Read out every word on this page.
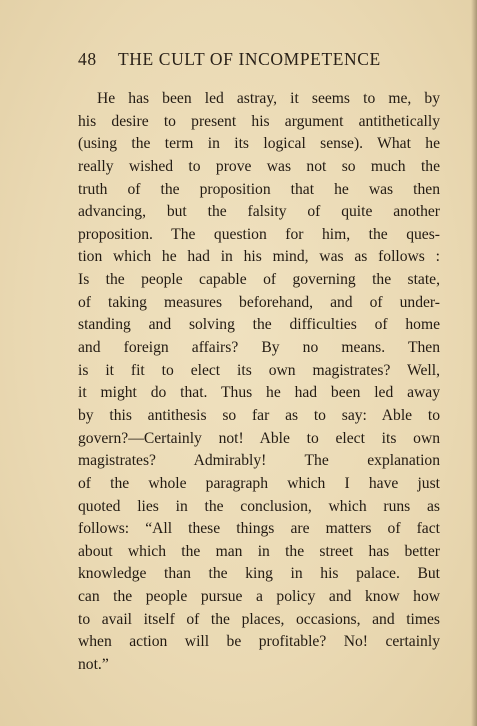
48 THE CULT OF INCOMPETENCE
He has been led astray, it seems to me, by
his desire to present his argument antithetically
(using the term in its logical sense). What he
really wished to prove was not so much the
truth of the proposition that he was then
advancing, but the falsity of quite another
proposition. The question for him, the ques-
tion which he had in his mind, was as follows :
Is the people capable of governing the state,
of taking measures beforehand, and of under-
standing and solving the difficulties of home
and foreign affairs? By no means. Then
is it fit to elect its own magistrates? Well,
it might do that. Thus he had been led away
by this antithesis so far as to say: Able to
govern?—Certainly not! Able to elect its own
magistrates? Admirably! The explanation
of the whole paragraph which I have just
quoted lies in the conclusion, which runs as
follows: “All these things are matters of fact
about which the man in the street has better
knowledge than the king in his palace. But
can the people pursue a policy and know how
to avail itself of the places, occasions, and times
when action will be profitable? No! certainly
not.”
